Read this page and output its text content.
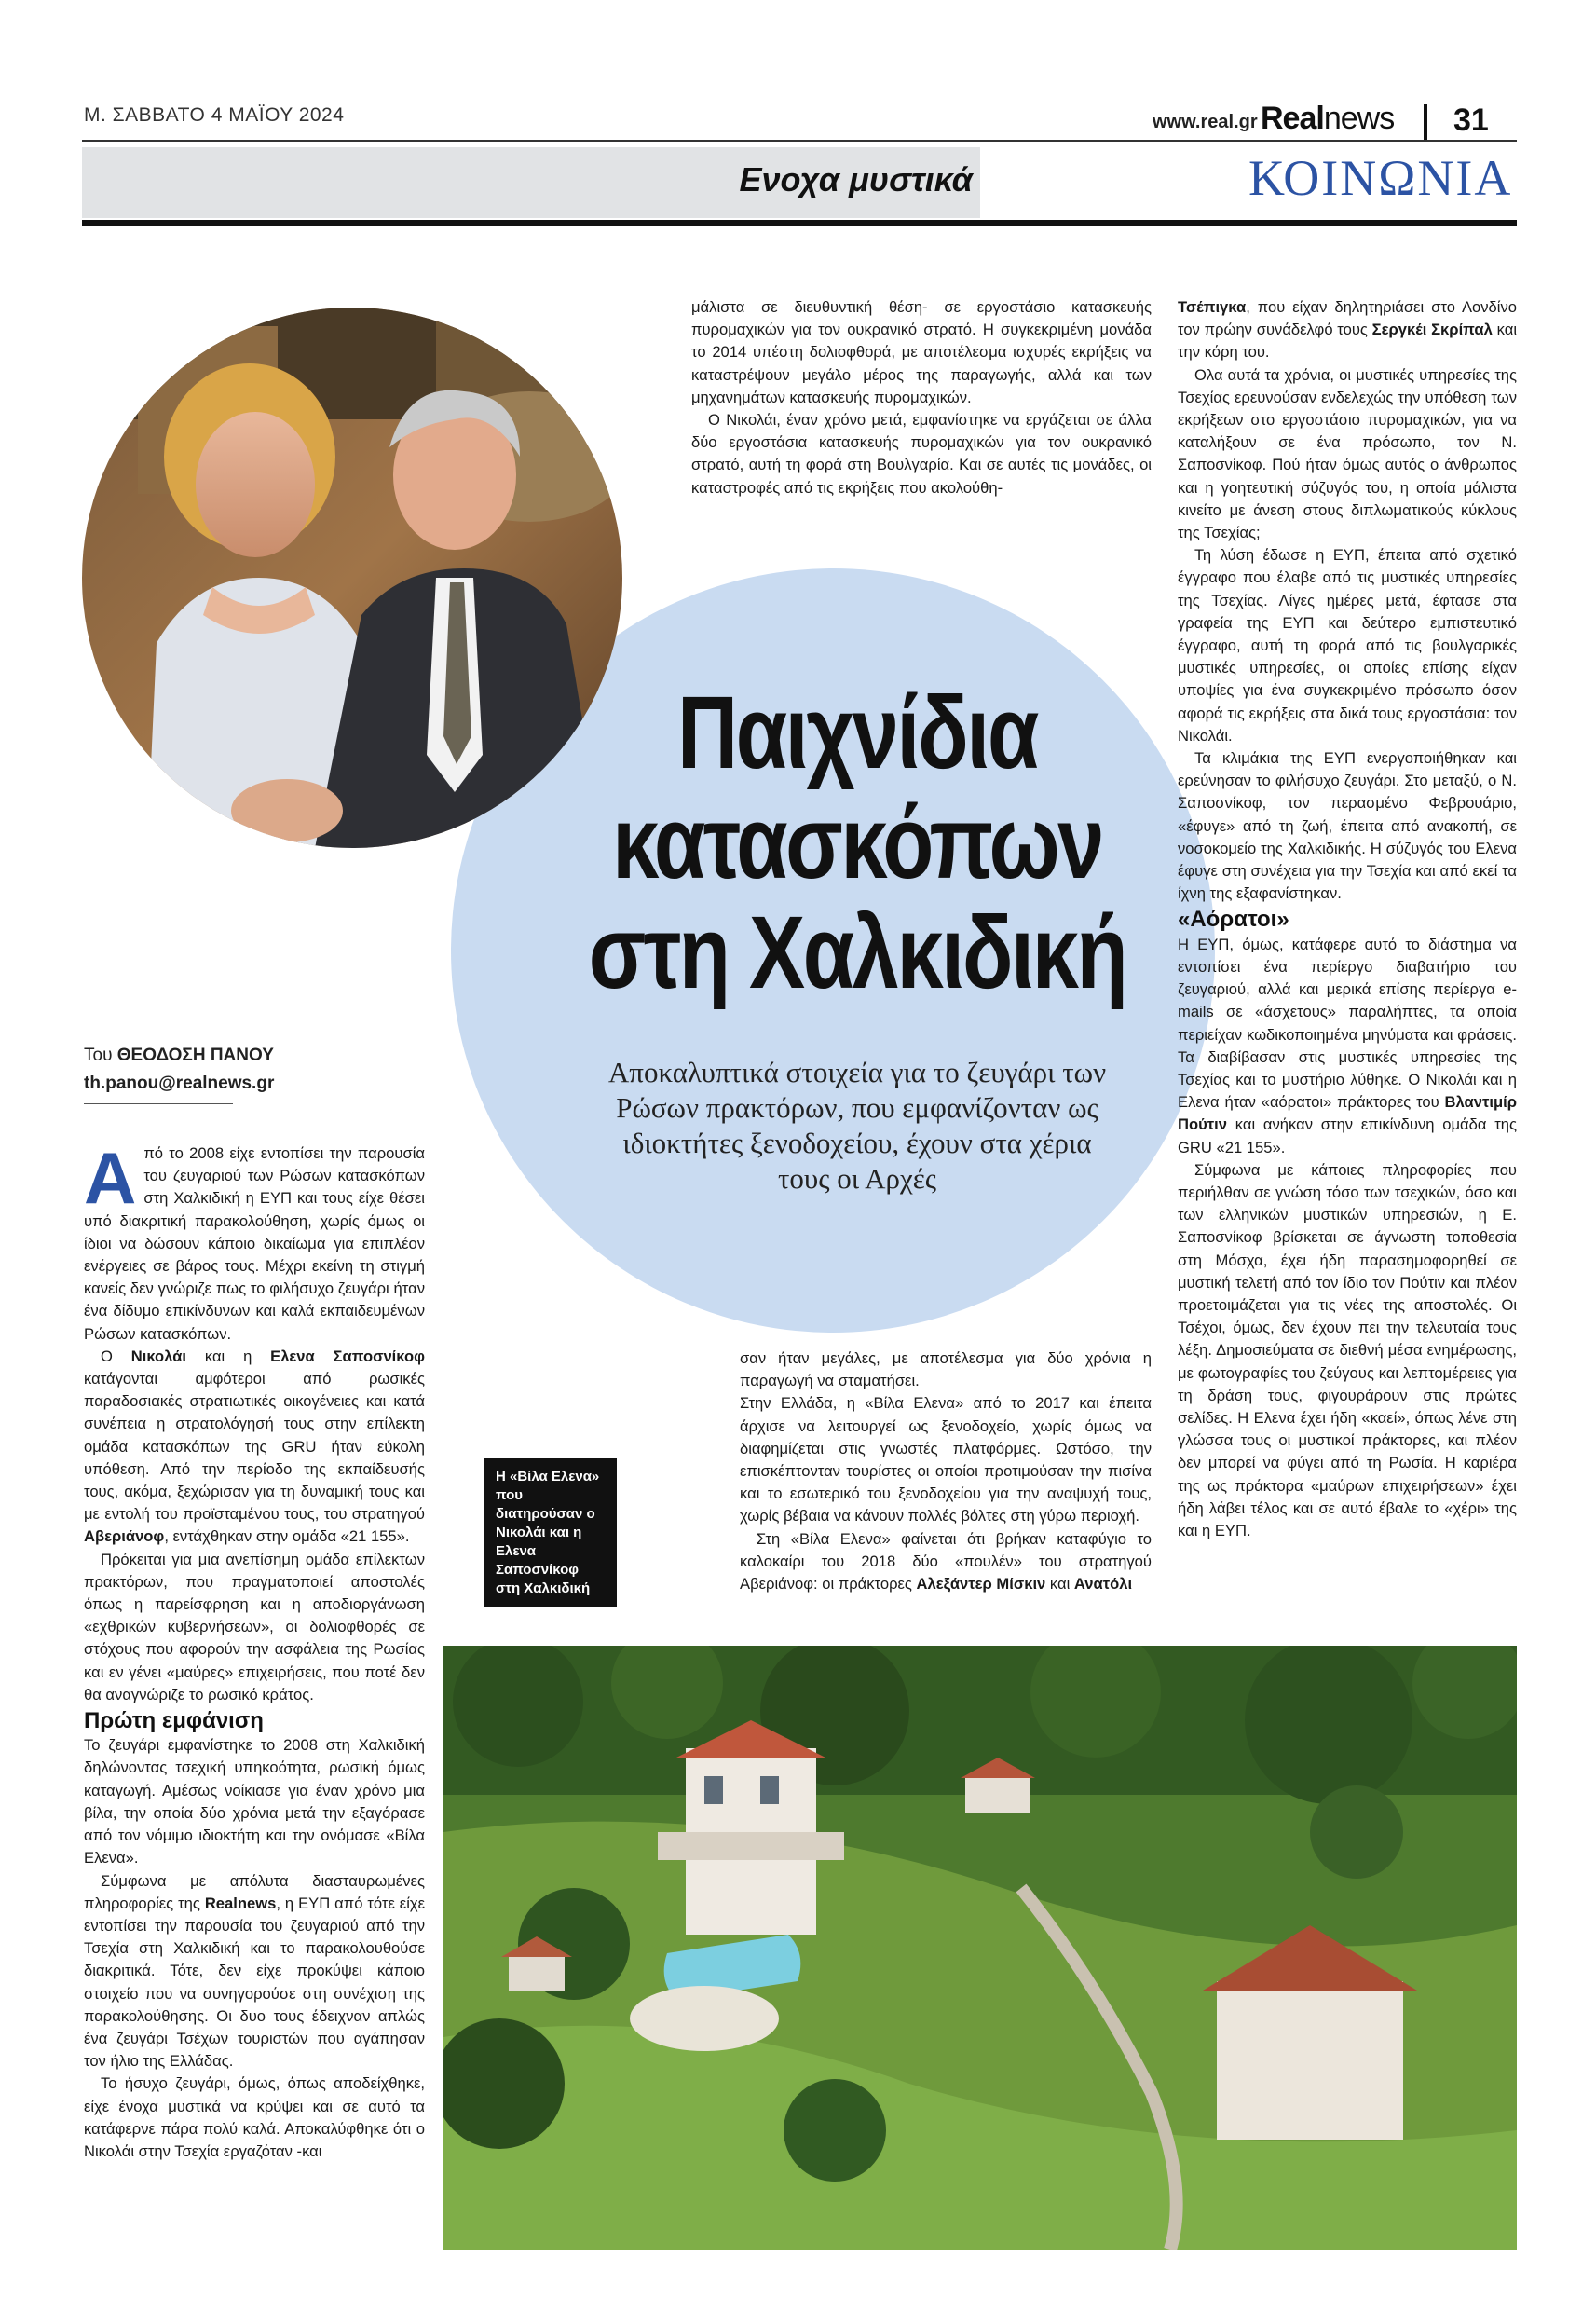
Μ. ΣΑΒΒΑΤΟ 4 ΜΑΪΟΥ 2024	www.real.gr Realnews 31
Ενοχα μυστικά	ΚΟΙΝΩΝΙΑ
Παιχνίδια
κατασκόπων
στη Χαλκιδική
Αποκαλυπτικά στοιχεία για το ζευγάρι των Ρώσων πρακτόρων, που εμφανίζονταν ως ιδιοκτήτες ξενοδοχείου, έχουν στα χέρια τους οι Αρχές
Του ΘΕΟΔΟΣΗ ΠΑΝΟΥ
th.panou@realnews.gr

Από το 2008 είχε εντοπίσει την παρουσία του ζευγαριού των Ρώσων κατασκόπων στη Χαλκιδική η ΕΥΠ και τους είχε θέσει υπό διακριτική παρακολούθηση, χωρίς όμως οι ίδιοι να δώσουν κάποιο δικαίωμα για επιπλέον ενέργειες σε βάρος τους. Μέχρι εκείνη τη στιγμή κανείς δεν γνώριζε πως το φιλήσυχο ζευγάρι ήταν ένα δίδυμο επικίνδυνων και καλά εκπαιδευμένων Ρώσων κατασκόπων.

Ο Νικολάι και η Ελενα Σαποσνίκοφ κατάγονται αμφότεροι από ρωσικές παραδοσιακές στρατιωτικές οικογένειες και κατά συνέπεια η στρατολόγησή τους στην επίλεκτη ομάδα κατασκόπων της GRU ήταν εύκολη υπόθεση. Από την περίοδο της εκπαίδευσής τους, ακόμα, ξεχώρισαν για τη δυναμική τους και με εντολή του προϊσταμένου τους, του στρατηγού Αβεριάνοφ, εντάχθηκαν στην ομάδα «21 155».

Πρόκειται για μια ανεπίσημη ομάδα επίλεκτων πρακτόρων, που πραγματοποιεί αποστολές όπως η παρείσφρηση και η αποδιοργάνωση «εχθρικών κυβερνήσεων», οι δολιοφθορές σε στόχους που αφορούν την ασφάλεια της Ρωσίας και εν γένει «μαύρες» επιχειρήσεις, που ποτέ δεν θα αναγνώριζε το ρωσικό κράτος.

Πρώτη εμφάνιση

Το ζευγάρι εμφανίστηκε το 2008 στη Χαλκιδική δηλώνοντας τσεχική υπηκοότητα, ρωσική όμως καταγωγή. Αμέσως νοίκιασε για έναν χρόνο μια βίλα, την οποία δύο χρόνια μετά την εξαγόρασε από τον νόμιμο ιδιοκτήτη και την ονόμασε «Βίλα Ελενα».

Σύμφωνα με απόλυτα διασταυρωμένες πληροφορίες της Realnews, η ΕΥΠ από τότε είχε εντοπίσει την παρουσία του ζευγαριού από την Τσεχία στη Χαλκιδική και το παρακολουθούσε διακριτικά. Τότε, δεν είχε προκύψει κάποιο στοιχείο που να συνηγορούσε στη συνέχιση της παρακολούθησης. Οι δυο τους έδειχναν απλώς ένα ζευγάρι Τσέχων τουριστών που αγάπησαν τον ήλιο της Ελλάδας.

Το ήσυχο ζευγάρι, όμως, όπως αποδείχθηκε, είχε ένοχα μυστικά να κρύψει και σε αυτό τα κατάφερνε πάρα πολύ καλά. Αποκαλύφθηκε ότι ο Νικολάι στην Τσεχία εργαζόταν -και

μάλιστα σε διευθυντική θέση- σε εργοστάσιο κατασκευής πυρομαχικών για τον ουκρανικό στρατό. Η συγκεκριμένη μονάδα το 2014 υπέστη δολιοφθορά, με αποτέλεσμα ισχυρές εκρήξεις να καταστρέψουν μεγάλο μέρος της παραγωγής, αλλά και των μηχανημάτων κατασκευής πυρομαχικών.

Ο Νικολάι, έναν χρόνο μετά, εμφανίστηκε να εργάζεται σε άλλα δύο εργοστάσια κατασκευής πυρομαχικών για τον ουκρανικό στρατό, αυτή τη φορά στη Βουλγαρία. Και σε αυτές τις μονάδες, οι καταστροφές από τις εκρήξεις που ακολούθη-

σαν ήταν μεγάλες, με αποτέλεσμα για δύο χρόνια η παραγωγή να σταματήσει.

Στην Ελλάδα, η «Βίλα Ελενα» από το 2017 και έπειτα άρχισε να λειτουργεί ως ξενοδοχείο, χωρίς όμως να διαφημίζεται στις γνωστές πλατφόρμες. Ωστόσο, την επισκέπτονταν τουρίστες οι οποίοι προτιμούσαν την πισίνα και το εσωτερικό του ξενοδοχείου για την αναψυχή τους, χωρίς βέβαια να κάνουν πολλές βόλτες στη γύρω περιοχή.

Στη «Βίλα Ελενα» φαίνεται ότι βρήκαν καταφύγιο το καλοκαίρι του 2018 δύο «πουλέν» του στρατηγού Αβεριάνοφ: οι πράκτορες Αλεξάντερ Μίσκιν και Ανατόλι

Τσέπιγκα, που είχαν δηλητηριάσει στο Λονδίνο τον πρώην συνάδελφό τους Σεργκέι Σκρίπαλ και την κόρη του.

Ολα αυτά τα χρόνια, οι μυστικές υπηρεσίες της Τσεχίας ερευνούσαν ενδελεχώς την υπόθεση των εκρήξεων στο εργοστάσιο πυρομαχικών, για να καταλήξουν σε ένα πρόσωπο, τον Ν. Σαποσνίκοφ. Πού ήταν όμως αυτός ο άνθρωπος και η γοητευτική σύζυγός του, η οποία μάλιστα κινείτο με άνεση στους διπλωματικούς κύκλους της Τσεχίας;

Τη λύση έδωσε η ΕΥΠ, έπειτα από σχετικό έγγραφο που έλαβε από τις μυστικές υπηρεσίες της Τσεχίας. Λίγες ημέρες μετά, έφτασε στα γραφεία της ΕΥΠ και δεύτερο εμπιστευτικό έγγραφο, αυτή τη φορά από τις βουλγαρικές μυστικές υπηρεσίες, οι οποίες επίσης είχαν υποψίες για ένα συγκεκριμένο πρόσωπο όσον αφορά τις εκρήξεις στα δικά τους εργοστάσια: τον Νικολάι.

Τα κλιμάκια της ΕΥΠ ενεργοποιήθηκαν και ερεύνησαν το φιλήσυχο ζευγάρι. Στο μεταξύ, ο Ν. Σαποσνίκοφ, τον περασμένο Φεβρουάριο, «έφυγε» από τη ζωή, έπειτα από ανακοπή, σε νοσοκομείο της Χαλκιδικής. Η σύζυγός του Ελενα έφυγε στη συνέχεια για την Τσεχία και από εκεί τα ίχνη της εξαφανίστηκαν.

«Αόρατοι»

Η ΕΥΠ, όμως, κατάφερε αυτό το διάστημα να εντοπίσει ένα περίεργο διαβατήριο του ζευγαριού, αλλά και μερικά επίσης περίεργα e-mails σε «άσχετους» παραλήπτες, τα οποία περιείχαν κωδικοποιημένα μηνύματα και φράσεις. Τα διαβίβασαν στις μυστικές υπηρεσίες της Τσεχίας και το μυστήριο λύθηκε. Ο Νικολάι και η Ελενα ήταν «αόρατοι» πράκτορες του Βλαντιμίρ Πούτιν και ανήκαν στην επικίνδυνη ομάδα της GRU «21 155».

Σύμφωνα με κάποιες πληροφορίες που περιήλθαν σε γνώση τόσο των τσεχικών, όσο και των ελληνικών μυστικών υπηρεσιών, η Ε. Σαποσνίκοφ βρίσκεται σε άγνωστη τοποθεσία στη Μόσχα, έχει ήδη παρασημοφορηθεί σε μυστική τελετή από τον ίδιο τον Πούτιν και πλέον προετοιμάζεται για τις νέες της αποστολές. Οι Τσέχοι, όμως, δεν έχουν πει την τελευταία τους λέξη. Δημοσιεύματα σε διεθνή μέσα ενημέρωσης, με φωτογραφίες του ζεύγους και λεπτομέρειες για τη δράση τους, φιγουράρουν στις πρώτες σελίδες. Η Ελενα έχει ήδη «καεί», όπως λένε στη γλώσσα τους οι μυστικοί πράκτορες, και πλέον δεν μπορεί να φύγει από τη Ρωσία. Η καριέρα της ως πράκτορα «μαύρων επιχειρήσεων» έχει ήδη λάβει τέλος και σε αυτό έβαλε το «χέρι» της και η ΕΥΠ.

Η «Βίλα Ελενα» που διατηρούσαν ο Νικολάι και η Ελενα Σαποσνίκοφ στη Χαλκιδική
